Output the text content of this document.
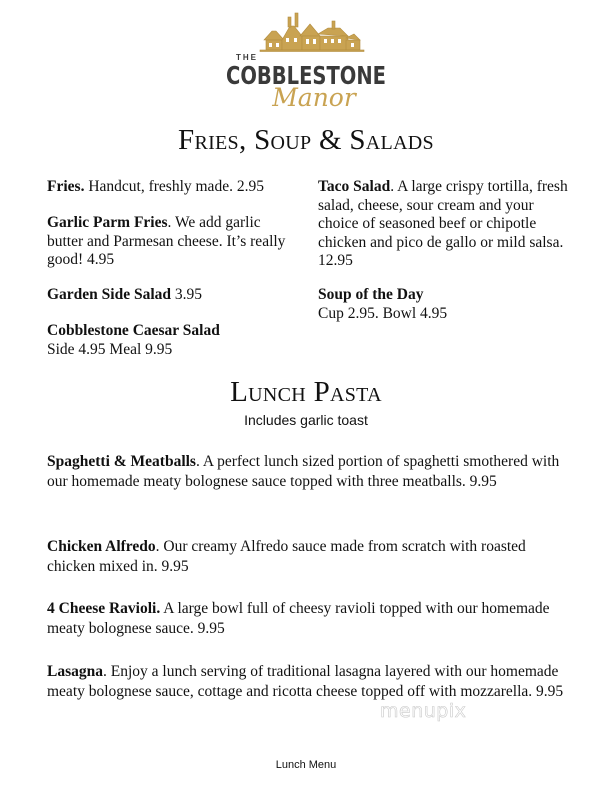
THE
COBBLESTONE
Manor
Fries, Soup & Salads
Fries. Handcut, freshly made. 2.95
Garlic Parm Fries. We add garlic butter and Parmesan cheese. It’s really good! 4.95
Garden Side Salad 3.95
Cobblestone Caesar Salad
Side 4.95 Meal 9.95
Taco Salad. A large crispy tortilla, fresh salad, cheese, sour cream and your choice of seasoned beef or chipotle chicken and pico de gallo or mild salsa. 12.95
Soup of the Day
Cup 2.95. Bowl 4.95
Lunch Pasta
Includes garlic toast
Spaghetti & Meatballs. A perfect lunch sized portion of spaghetti smothered with our homemade meaty bolognese sauce topped with three meatballs. 9.95
Chicken Alfredo. Our creamy Alfredo sauce made from scratch with roasted chicken mixed in. 9.95
4 Cheese Ravioli. A large bowl full of cheesy ravioli topped with our homemade meaty bolognese sauce. 9.95
Lasagna. Enjoy a lunch serving of traditional lasagna layered with our homemade meaty bolognese sauce, cottage and ricotta cheese topped off with mozzarella. 9.95
menupix
Lunch Menu
